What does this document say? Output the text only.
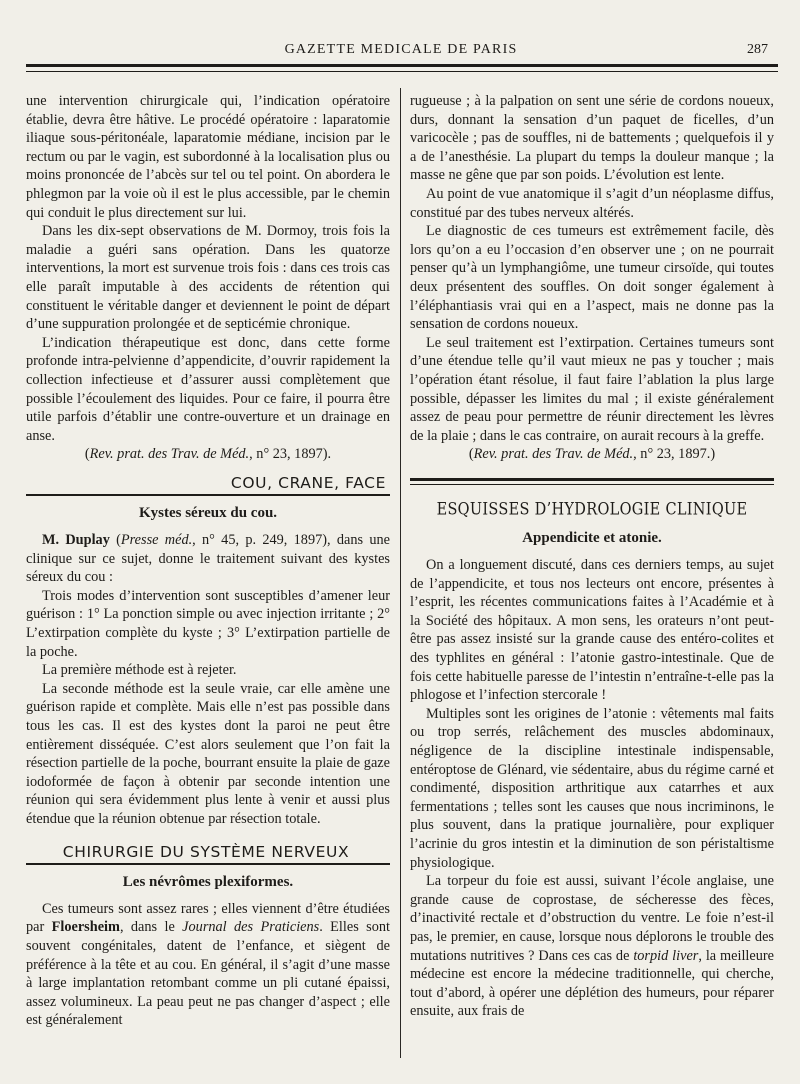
GAZETTE MEDICALE DE PARIS	287

une intervention chirurgicale qui, l’indication opératoire établie, devra être hâtive. Le procédé opératoire : laparatomie iliaque sous-péritonéale, laparatomie médiane, incision par le rectum ou par le vagin, est subordonné à la localisation plus ou moins prononcée de l’abcès sur tel ou tel point. On abordera le phlegmon par la voie où il est le plus accessible, par le chemin qui conduit le plus directement sur lui.

Dans les dix-sept observations de M. Dormoy, trois fois la maladie a guéri sans opération. Dans les quatorze interventions, la mort est survenue trois fois : dans ces trois cas elle paraît imputable à des accidents de rétention qui constituent le véritable danger et deviennent le point de départ d’une suppuration prolongée et de septicémie chronique.

L’indication thérapeutique est donc, dans cette forme profonde intra-pelvienne d’appendicite, d’ouvrir rapidement la collection infectieuse et d’assurer aussi complètement que possible l’écoulement des liquides. Pour ce faire, il pourra être utile parfois d’établir une contre-ouverture et un drainage en anse.

(Rev. prat. des Trav. de Méd., n° 23, 1897).

COU, CRANE, FACE
Kystes séreux du cou.

M. Duplay (Presse méd., n° 45, p. 249, 1897), dans une clinique sur ce sujet, donne le traitement suivant des kystes séreux du cou :

Trois modes d’intervention sont susceptibles d’amener leur guérison : 1° La ponction simple ou avec injection irritante ; 2° L’extirpation complète du kyste ; 3° L’extirpation partielle de la poche.

La première méthode est à rejeter.

La seconde méthode est la seule vraie, car elle amène une guérison rapide et complète. Mais elle n’est pas possible dans tous les cas. Il est des kystes dont la paroi ne peut être entièrement disséquée. C’est alors seulement que l’on fait la résection partielle de la poche, bourrant ensuite la plaie de gaze iodoformée de façon à obtenir par seconde intention une réunion qui sera évidemment plus lente à venir et aussi plus étendue que la réunion obtenue par résection totale.

CHIRURGIE DU SYSTÈME NERVEUX
Les névrômes plexiformes.

Ces tumeurs sont assez rares ; elles viennent d’être étudiées par Floersheim, dans le Journal des Praticiens. Elles sont souvent congénitales, datent de l’enfance, et siègent de préférence à la tête et au cou. En général, il s’agit d’une masse à large implantation retombant comme un pli cutané épaissi, assez volumineux. La peau peut ne pas changer d’aspect ; elle est généralement

rugueuse ; à la palpation on sent une série de cordons noueux, durs, donnant la sensation d’un paquet de ficelles, d’un varicocèle ; pas de souffles, ni de battements ; quelquefois il y a de l’anesthésie. La plupart du temps la douleur manque ; la masse ne gêne que par son poids. L’évolution est lente.

Au point de vue anatomique il s’agit d’un néoplasme diffus, constitué par des tubes nerveux altérés.

Le diagnostic de ces tumeurs est extrêmement facile, dès lors qu’on a eu l’occasion d’en observer une ; on ne pourrait penser qu’à un lymphangiôme, une tumeur cirsoïde, qui toutes deux présentent des souffles. On doit songer également à l’éléphantiasis vrai qui en a l’aspect, mais ne donne pas la sensation de cordons noueux.

Le seul traitement est l’extirpation. Certaines tumeurs sont d’une étendue telle qu’il vaut mieux ne pas y toucher ; mais l’opération étant résolue, il faut faire l’ablation la plus large possible, dépasser les limites du mal ; il existe généralement assez de peau pour permettre de réunir directement les lèvres de la plaie ; dans le cas contraire, on aurait recours à la greffe.

(Rev. prat. des Trav. de Méd., n° 23, 1897.)

ESQUISSES D’HYDROLOGIE CLINIQUE
Appendicite et atonie.

On a longuement discuté, dans ces derniers temps, au sujet de l’appendicite, et tous nos lecteurs ont encore, présentes à l’esprit, les récentes communications faites à l’Académie et à la Société des hôpitaux. A mon sens, les orateurs n’ont peut-être pas assez insisté sur la grande cause des entéro-colites et des typhlites en général : l’atonie gastro-intestinale. Que de fois cette habituelle paresse de l’intestin n’entraîne-t-elle pas la phlogose et l’infection stercorale !

Multiples sont les origines de l’atonie : vêtements mal faits ou trop serrés, relâchement des muscles abdominaux, négligence de la discipline intestinale indispensable, entéroptose de Glénard, vie sédentaire, abus du régime carné et condimenté, disposition arthritique aux catarrhes et aux fermentations ; telles sont les causes que nous incriminons, le plus souvent, dans la pratique journalière, pour expliquer l’acrinie du gros intestin et la diminution de son péristaltisme physiologique.

La torpeur du foie est aussi, suivant l’école anglaise, une grande cause de coprostase, de sécheresse des fèces, d’inactivité rectale et d’obstruction du ventre. Le foie n’est-il pas, le premier, en cause, lorsque nous déplorons le trouble des mutations nutritives ? Dans ces cas de torpid liver, la meilleure médecine est encore la médecine traditionnelle, qui cherche, tout d’abord, à opérer une déplétion des humeurs, pour réparer ensuite, aux frais de
